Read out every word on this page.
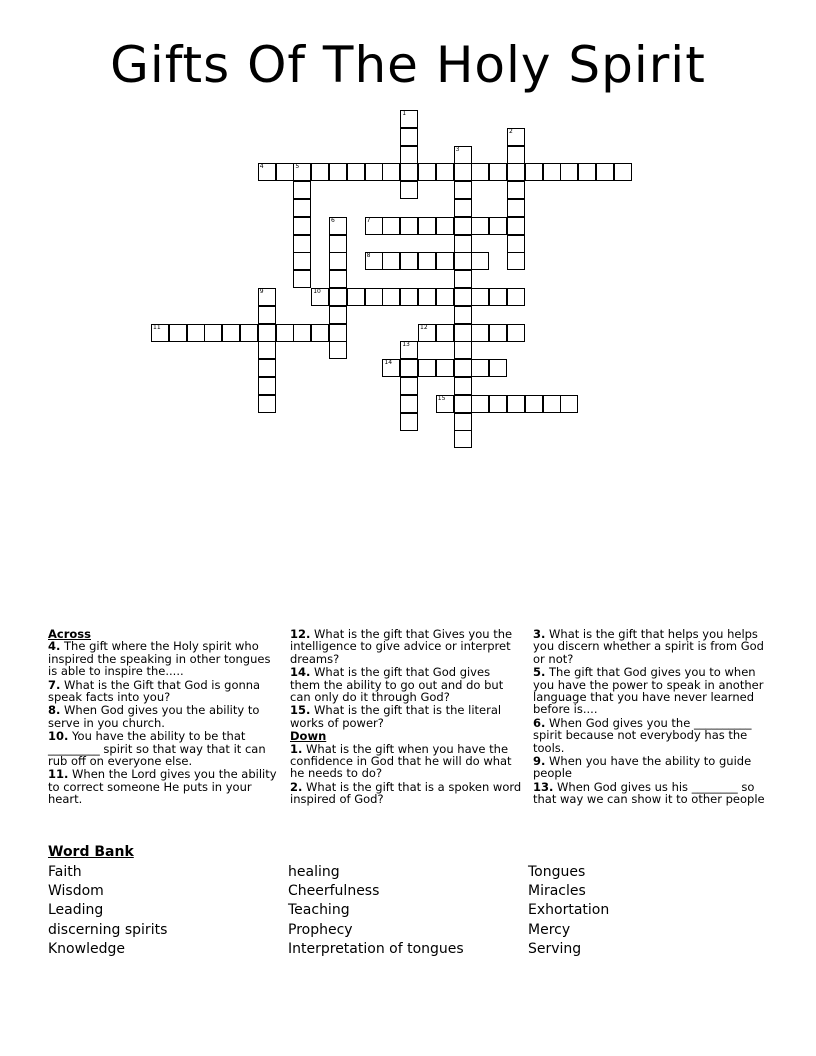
Gifts Of The Holy Spirit
1
2
3
4	5
6	7
8
9	10
11	12
13
14
15
Across
4. The gift where the Holy spirit who inspired the speaking in other tongues is able to inspire the.....
7. What is the Gift that God is gonna speak facts into you?
8. When God gives you the ability to serve in you church.
10. You have the ability to be that _________ spirit so that way that it can rub off on everyone else.
11. When the Lord gives you the ability to correct someone He puts in your heart.
12. What is the gift that Gives you the intelligence to give advice or interpret dreams?
14. What is the gift that God gives them the ability to go out and do but can only do it through God?
15. What is the gift that is the literal works of power?
Down
1. What is the gift when you have the confidence in God that he will do what he needs to do?
2. What is the gift that is a spoken word inspired of God?
3. What is the gift that helps you helps you discern whether a spirit is from God or not?
5. The gift that God gives you to when you have the power to speak in another language that you have never learned before is....
6. When God gives you the __________ spirit because not everybody has the tools.
9. When you have the ability to guide people
13. When God gives us his ________ so that way we can show it to other people
Word Bank
Faith
Wisdom
Leading
discerning spirits
Knowledge
healing
Cheerfulness
Teaching
Prophecy
Interpretation of tongues
Tongues
Miracles
Exhortation
Mercy
Serving
